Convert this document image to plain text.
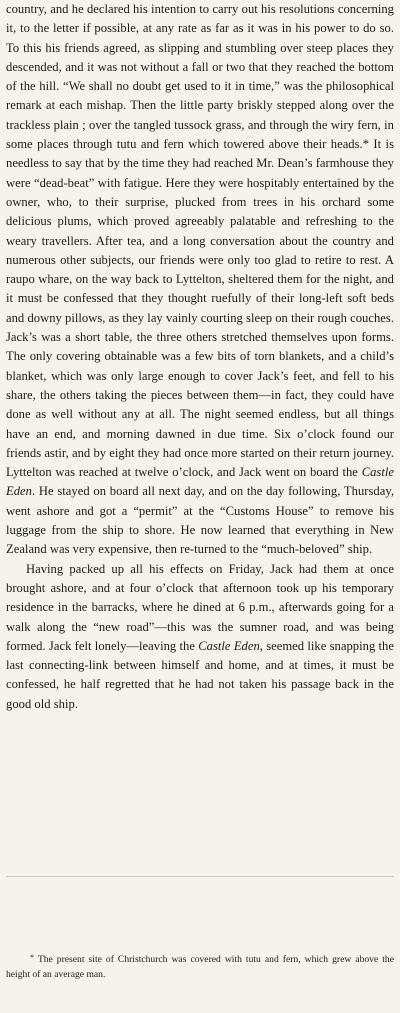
country, and he declared his intention to carry out his resolutions concerning it, to the letter if possible, at any rate as far as it was in his power to do so. To this his friends agreed, as slipping and stumbling over steep places they descended, and it was not without a fall or two that they reached the bottom of the hill. “We shall no doubt get used to it in time,” was the philosophical remark at each mishap. Then the little party briskly stepped along over the trackless plain ; over the tangled tussock grass, and through the wiry fern, in some places through tutu and fern which towered above their heads.* It is needless to say that by the time they had reached Mr. Dean’s farmhouse they were “dead-beat” with fatigue. Here they were hospitably entertained by the owner, who, to their surprise, plucked from trees in his orchard some delicious plums, which proved agreeably palatable and refreshing to the weary travellers. After tea, and a long conversation about the country and numerous other subjects, our friends were only too glad to retire to rest. A raupo whare, on the way back to Lyttelton, sheltered them for the night, and it must be confessed that they thought ruefully of their long-left soft beds and downy pillows, as they lay vainly courting sleep on their rough couches. Jack’s was a short table, the three others stretched themselves upon forms. The only covering obtainable was a few bits of torn blankets, and a child’s blanket, which was only large enough to cover Jack’s feet, and fell to his share, the others taking the pieces between them—in fact, they could have done as well without any at all. The night seemed endless, but all things have an end, and morning dawned in due time. Six o’clock found our friends astir, and by eight they had once more started on their return journey. Lyttelton was reached at twelve o’clock, and Jack went on board the Castle Eden. He stayed on board all next day, and on the day following, Thursday, went ashore and got a “permit” at the “Customs House” to remove his luggage from the ship to shore. He now learned that everything in New Zealand was very expensive, then re-turned to the “much-beloved” ship.

Having packed up all his effects on Friday, Jack had them at once brought ashore, and at four o’clock that afternoon took up his temporary residence in the barracks, where he dined at 6 p.m., afterwards going for a walk along the “new road”—this was the sumner road, and was being formed. Jack felt lonely—leaving the Castle Eden, seemed like snapping the last connecting-link between himself and home, and at times, it must be confessed, he half regretted that he had not taken his passage back in the good old ship.

* The present site of Christchurch was covered with tutu and fern, which grew above the height of an average man.
